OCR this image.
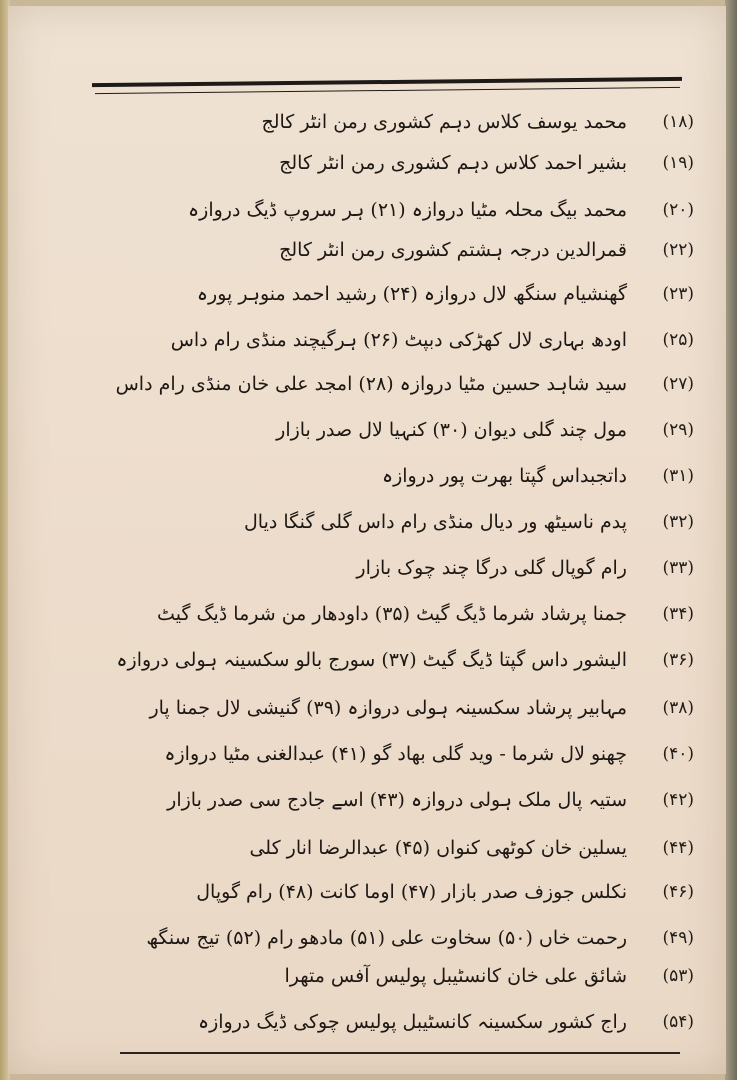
(۱۸)
محمد یوسف کلاس دہم کشوری رمن انٹر کالج
(۱۹)
بشیر احمد کلاس دہم کشوری رمن انٹر کالج
(۲۰)
محمد بیگ محلہ مٹیا دروازہ (۲۱) ہر سروپ ڈیگ دروازہ
(۲۲)
قمرالدین درجہ ہشتم کشوری رمن انٹر کالج
(۲۳)
گھنشیام سنگھ لال دروازہ (۲۴) رشید احمد منوہر پورہ
(۲۵)
اودھ بہاری لال کھڑکی دبپٹ (۲۶) ہرگیچند منڈی رام داس
(۲۷)
سید شاہد حسین مٹیا دروازہ (۲۸) امجد علی خان منڈی رام داس
(۲۹)
مول چند گلی دیوان (۳۰) کنہیا لال صدر بازار
(۳۱)
داتجبداس گپتا بھرت پور دروازہ
(۳۲)
پدم ناسیٹھ ور دیال منڈی رام داس گلی گنگا دیال
(۳۳)
رام گوپال گلی درگا چند چوک بازار
(۳۴)
جمنا پرشاد شرما ڈیگ گیٹ (۳۵) داودھار من شرما ڈیگ گیٹ
(۳۶)
الیشور داس گپتا ڈیگ گیٹ (۳۷) سورج بالو سکسینہ ہولی دروازہ
(۳۸)
مہابیر پرشاد سکسینہ ہولی دروازہ (۳۹) گنیشی لال جمنا پار
(۴۰)
چھنو لال شرما - وید گلی بھاد گو (۴۱) عبدالغنی مٹیا دروازہ
(۴۲)
ستیہ پال ملک ہولی دروازہ (۴۳) اسے جادج سی صدر بازار
(۴۴)
یسلین خان کوٹھی کنواں (۴۵) عبدالرضا انار کلی
(۴۶)
نکلس جوزف صدر بازار (۴۷) اوما کانت (۴۸) رام گوپال
(۴۹)
رحمت خاں (۵۰) سخاوت علی (۵۱) مادھو رام (۵۲) تیج سنگھ
(۵۳)
شائق علی خان کانسٹیبل پولیس آفس متھرا
(۵۴)
راج کشور سکسینہ کانسٹیبل پولیس چوکی ڈیگ دروازہ
